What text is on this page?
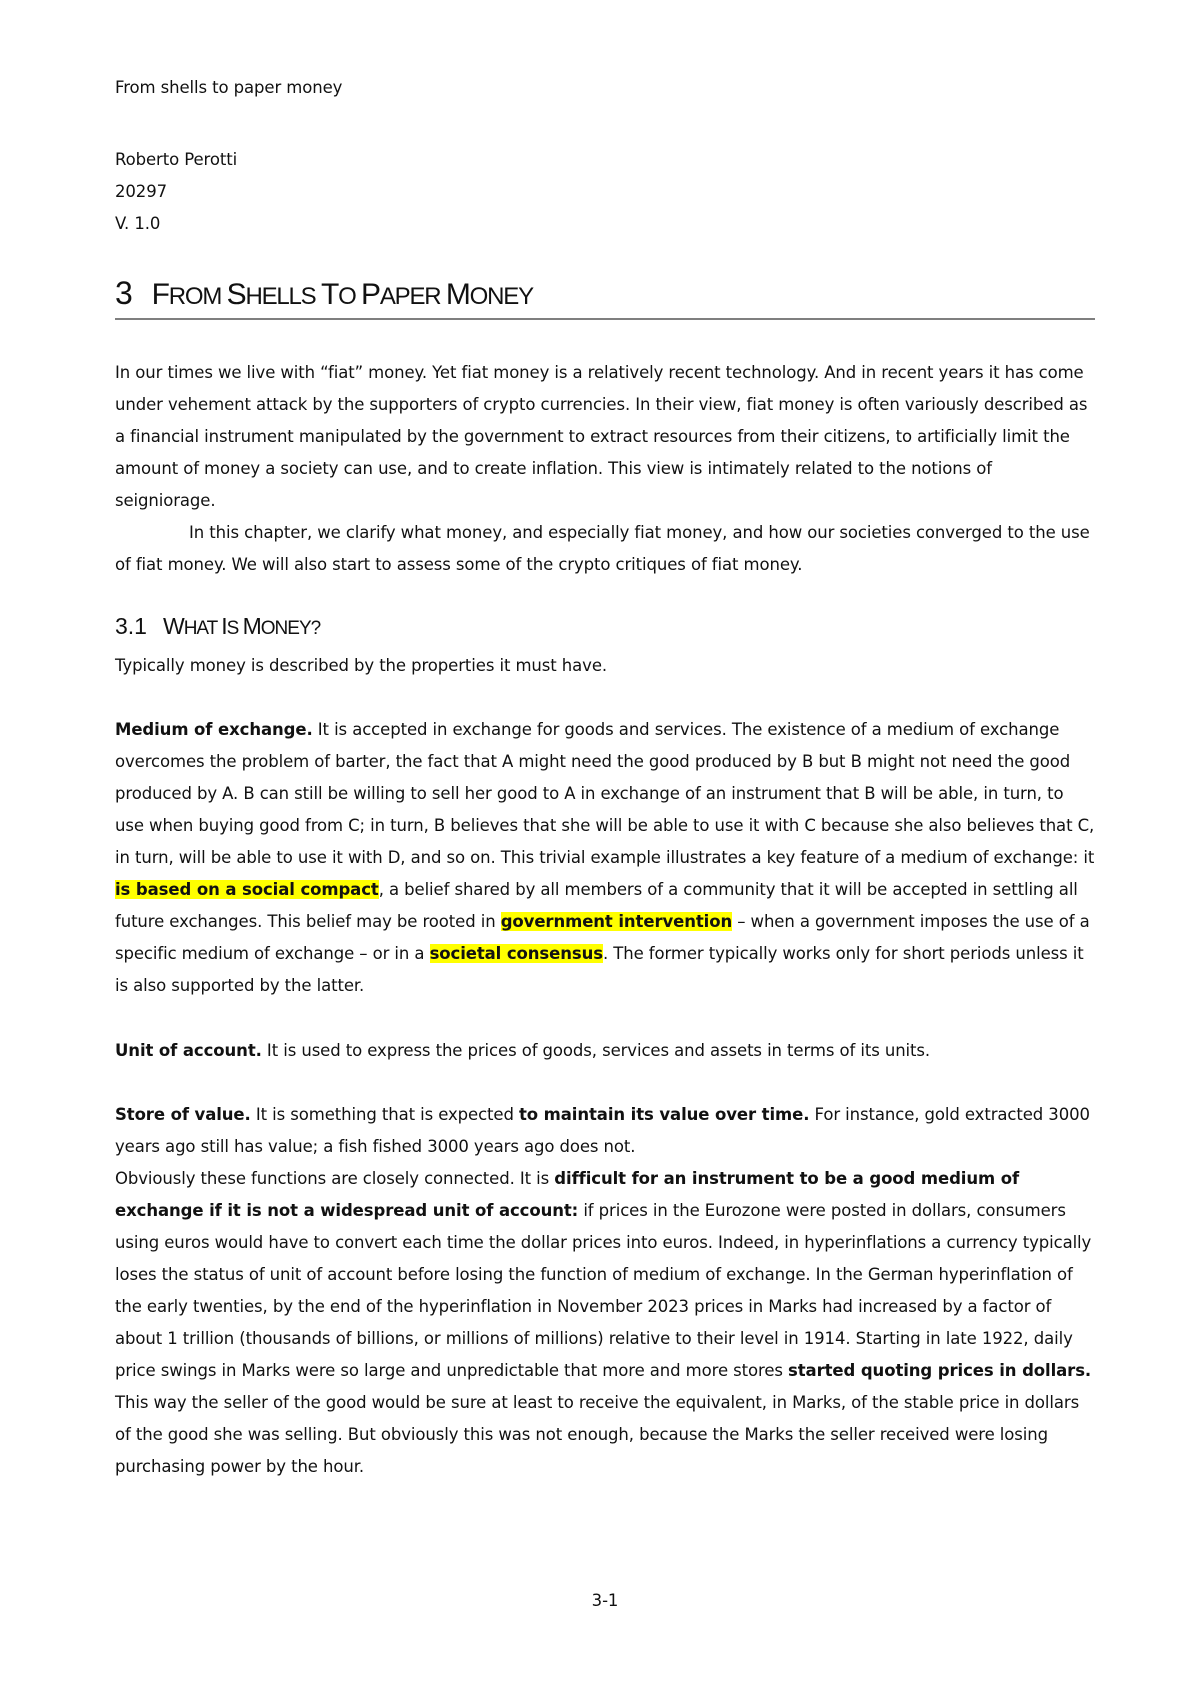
From shells to paper money
Roberto Perotti
20297
V. 1.0
3 FROM SHELLS TO PAPER MONEY

In our times we live with “fiat” money. Yet fiat money is a relatively recent technology. And in recent years it has come under vehement attack by the supporters of crypto currencies. In their view, fiat money is often variously described as a financial instrument manipulated by the government to extract resources from their citizens, to artificially limit the amount of money a society can use, and to create inflation. This view is intimately related to the notions of seigniorage.

In this chapter, we clarify what money, and especially fiat money, and how our societies converged to the use of fiat money. We will also start to assess some of the crypto critiques of fiat money.

3.1 WHAT IS MONEY?

Typically money is described by the properties it must have.

Medium of exchange. It is accepted in exchange for goods and services. The existence of a medium of exchange overcomes the problem of barter, the fact that A might need the good produced by B but B might not need the good produced by A. B can still be willing to sell her good to A in exchange of an instrument that B will be able, in turn, to use when buying good from C; in turn, B believes that she will be able to use it with C because she also believes that C, in turn, will be able to use it with D, and so on. This trivial example illustrates a key feature of a medium of exchange: it is based on a social compact, a belief shared by all members of a community that it will be accepted in settling all future exchanges. This belief may be rooted in government intervention – when a government imposes the use of a specific medium of exchange – or in a societal consensus. The former typically works only for short periods unless it is also supported by the latter.

Unit of account. It is used to express the prices of goods, services and assets in terms of its units.

Store of value. It is something that is expected to maintain its value over time. For instance, gold extracted 3000 years ago still has value; a fish fished 3000 years ago does not.

Obviously these functions are closely connected. It is difficult for an instrument to be a good medium of exchange if it is not a widespread unit of account: if prices in the Eurozone were posted in dollars, consumers using euros would have to convert each time the dollar prices into euros. Indeed, in hyperinflations a currency typically loses the status of unit of account before losing the function of medium of exchange. In the German hyperinflation of the early twenties, by the end of the hyperinflation in November 2023 prices in Marks had increased by a factor of about 1 trillion (thousands of billions, or millions of millions) relative to their level in 1914. Starting in late 1922, daily price swings in Marks were so large and unpredictable that more and more stores started quoting prices in dollars. This way the seller of the good would be sure at least to receive the equivalent, in Marks, of the stable price in dollars of the good she was selling. But obviously this was not enough, because the Marks the seller received were losing purchasing power by the hour.

3-1
